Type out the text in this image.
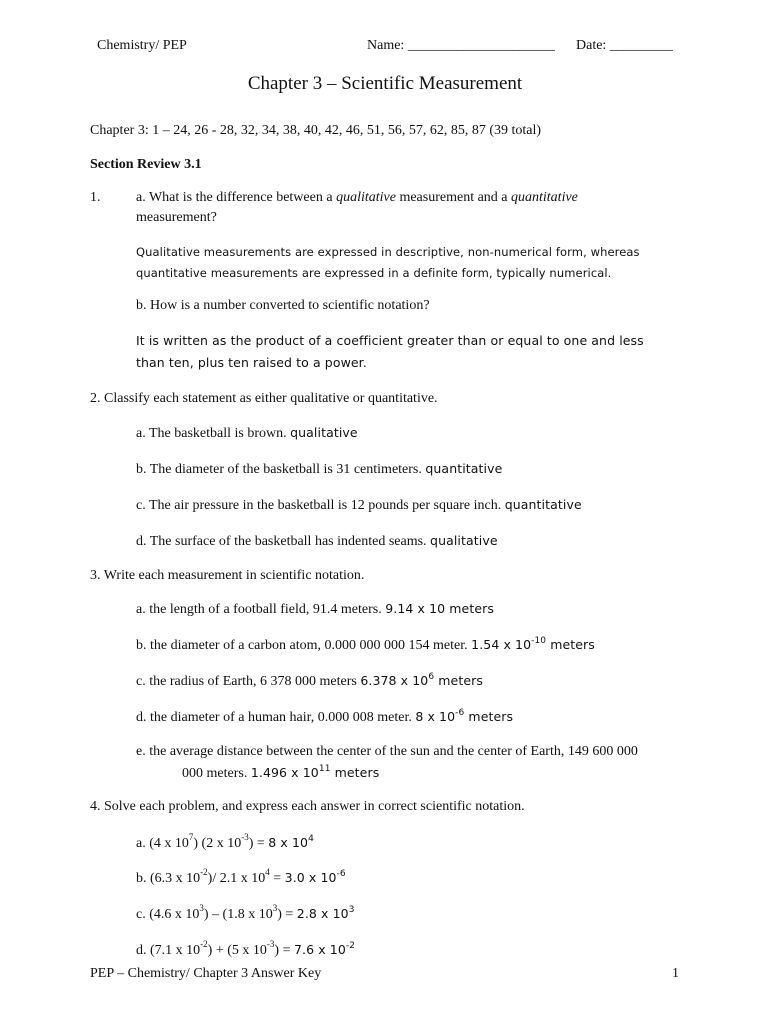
Chemistry/ PEP	Name: _____________________ Date: _________
Chapter 3 – Scientific Measurement
Chapter 3: 1 – 24, 26 - 28, 32, 34, 38, 40, 42, 46, 51, 56, 57, 62, 85, 87 (39 total)
Section Review 3.1
1.	a. What is the difference between a qualitative measurement and a quantitative
measurement?
Qualitative measurements are expressed in descriptive, non-numerical form, whereas
quantitative measurements are expressed in a definite form, typically numerical.
b. How is a number converted to scientific notation?
It is written as the product of a coefficient greater than or equal to one and less
than ten, plus ten raised to a power.
2. Classify each statement as either qualitative or quantitative.
a. The basketball is brown. qualitative
b. The diameter of the basketball is 31 centimeters. quantitative
c. The air pressure in the basketball is 12 pounds per square inch. quantitative
d. The surface of the basketball has indented seams. qualitative
3. Write each measurement in scientific notation.
a. the length of a football field, 91.4 meters. 9.14 x 10 meters
b. the diameter of a carbon atom, 0.000 000 000 154 meter. 1.54 x $10^{-10}$ meters
c. the radius of Earth, 6 378 000 meters 6.378 x $10^6$ meters
d. the diameter of a human hair, 0.000 008 meter. 8 x $10^{-6}$ meters
e. the average distance between the center of the sun and the center of Earth, 149 600 000
000 meters. 1.496 x $10^{11}$ meters
4. Solve each problem, and express each answer in correct scientific notation.
a. (4 x $10^7$) (2 x $10^{-3}) = 8$ x $10^4$
b. (6.3 x $10^{-2})/$ 2.1 x $10^4 = 3.0$ x $10^{-6}$
c. (4.6 x $10^3) - (1.8$ x $10^3) = 2.8$ x $10^3$
d. (7.1 x $10^{-2}) + (5$ x $10^{-3}) = 7.6$ x $10^{-2}$
PEP – Chemistry/ Chapter 3 Answer Key	1
